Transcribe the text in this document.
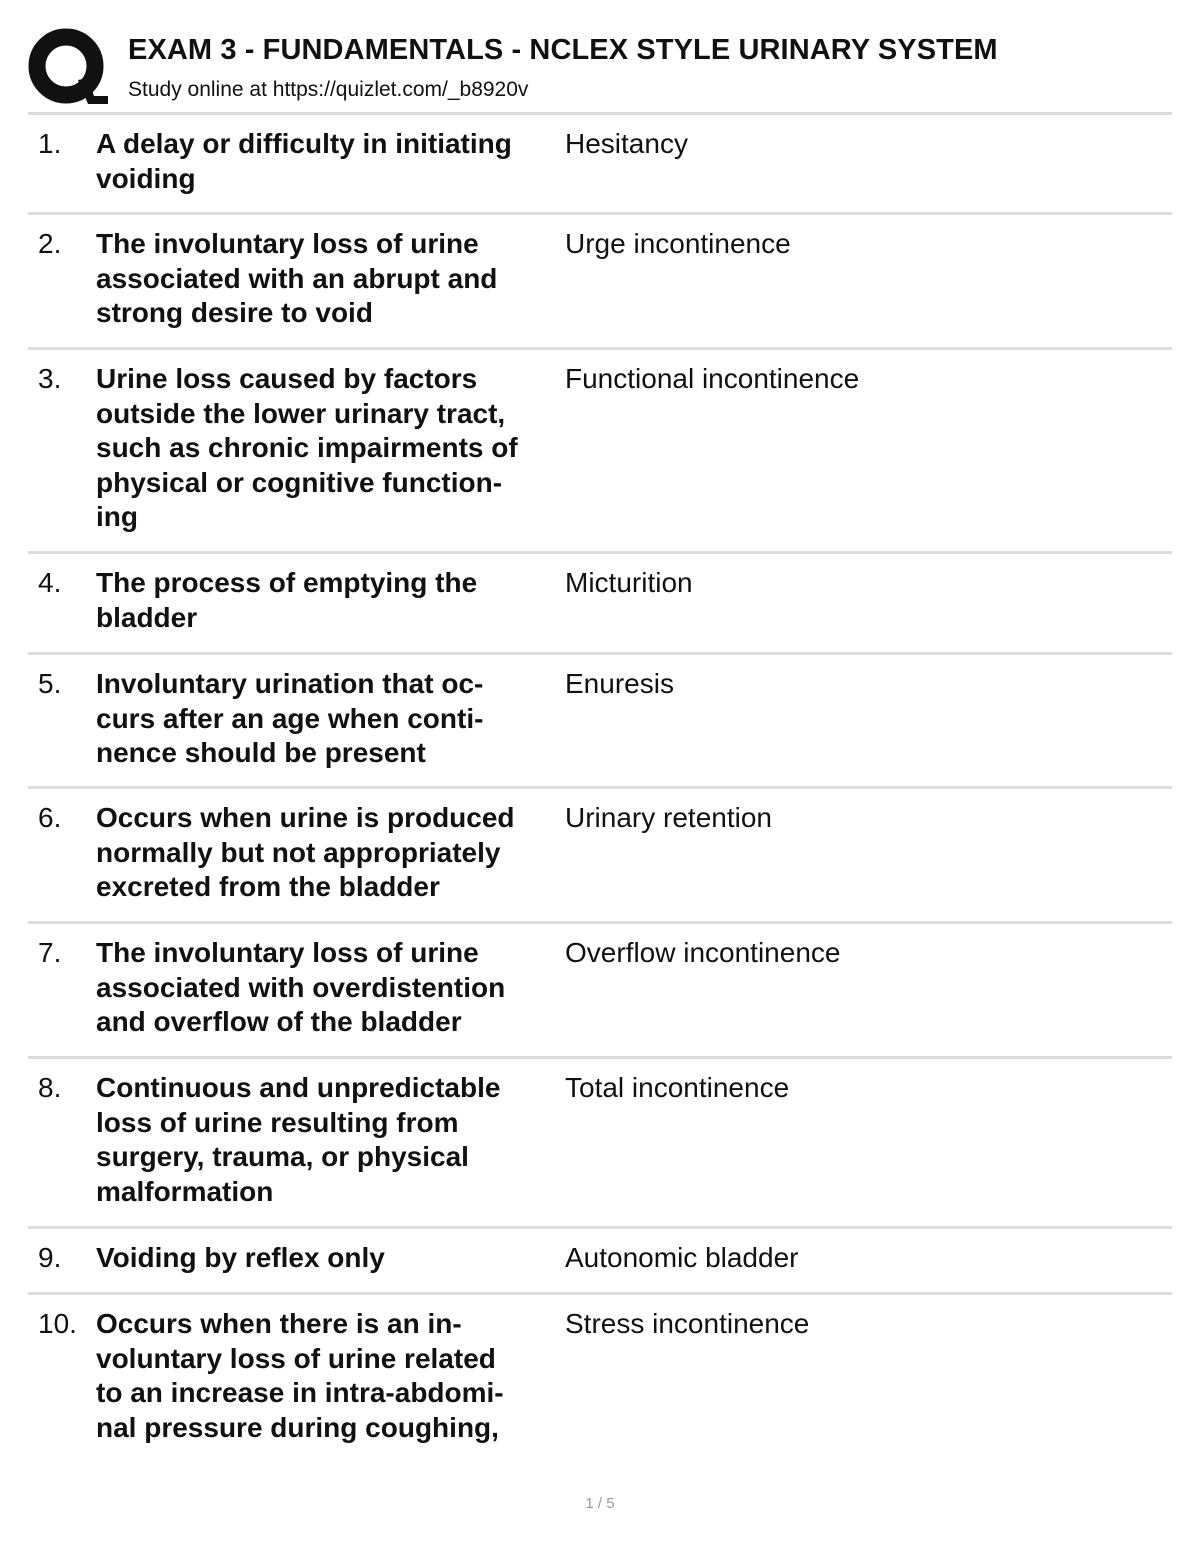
EXAM 3 - FUNDAMENTALS - NCLEX STYLE URINARY SYSTEM
Study online at https://quizlet.com/_b8920v
1. A delay or difficulty in initiating
voiding
Hesitancy
2. The involuntary loss of urine
associated with an abrupt and
strong desire to void
Urge incontinence
3. Urine loss caused by factors
outside the lower urinary tract,
such as chronic impairments of
physical or cognitive function-
ing
Functional incontinence
4. The process of emptying the
bladder
Micturition
5. Involuntary urination that oc-
curs after an age when conti-
nence should be present
Enuresis
6. Occurs when urine is produced
normally but not appropriately
excreted from the bladder
Urinary retention
7. The involuntary loss of urine
associated with overdistention
and overflow of the bladder
Overflow incontinence
8. Continuous and unpredictable
loss of urine resulting from
surgery, trauma, or physical
malformation
Total incontinence
9. Voiding by reflex only	Autonomic bladder
10. Occurs when there is an in-
voluntary loss of urine related
to an increase in intra-abdomi-
nal pressure during coughing,
Stress incontinence
1 / 5
